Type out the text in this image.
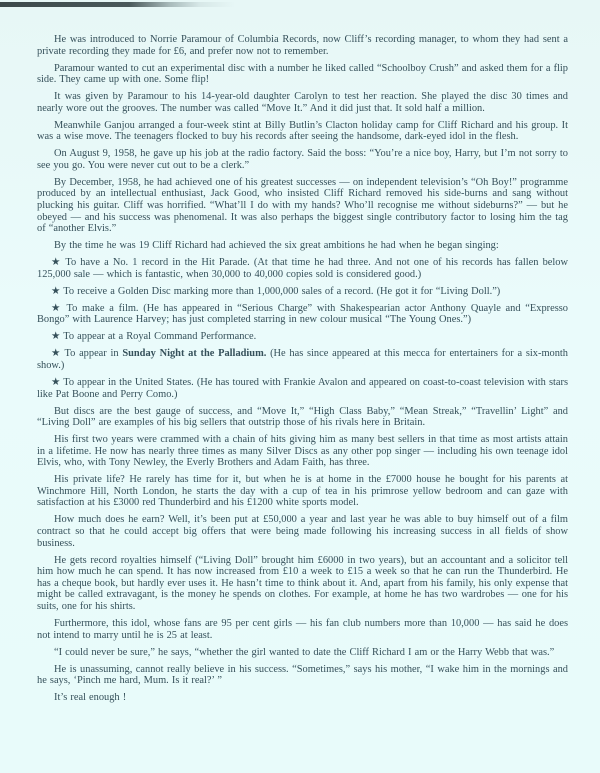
He was introduced to Norrie Paramour of Columbia Records, now Cliff’s recording manager, to whom they had sent a private recording they made for £6, and prefer now not to remember.

Paramour wanted to cut an experimental disc with a number he liked called “Schoolboy Crush” and asked them for a flip side. They came up with one. Some flip!

It was given by Paramour to his 14-year-old daughter Carolyn to test her reaction. She played the disc 30 times and nearly wore out the grooves. The number was called “Move It.” And it did just that. It sold half a million.

Meanwhile Ganjou arranged a four-week stint at Billy Butlin’s Clacton holiday camp for Cliff Richard and his group. It was a wise move. The teenagers flocked to buy his records after seeing the handsome, dark-eyed idol in the flesh.

On August 9, 1958, he gave up his job at the radio factory. Said the boss: “You’re a nice boy, Harry, but I’m not sorry to see you go. You were never cut out to be a clerk.”

By December, 1958, he had achieved one of his greatest successes — on independent television’s “Oh Boy!” programme produced by an intellectual enthusiast, Jack Good, who insisted Cliff Richard removed his side-burns and sang without plucking his guitar. Cliff was horrified. “What’ll I do with my hands? Who’ll recognise me without sideburns?” — but he obeyed — and his success was phenomenal. It was also perhaps the biggest single contributory factor to losing him the tag of “another Elvis.”

By the time he was 19 Cliff Richard had achieved the six great ambitions he had when he began singing:

★ To have a No. 1 record in the Hit Parade. (At that time he had three. And not one of his records has fallen below 125,000 sale — which is fantastic, when 30,000 to 40,000 copies sold is considered good.)

★ To receive a Golden Disc marking more than 1,000,000 sales of a record. (He got it for “Living Doll.”)

★ To make a film. (He has appeared in “Serious Charge” with Shakespearian actor Anthony Quayle and “Expresso Bongo” with Laurence Harvey; has just completed starring in new colour musical “The Young Ones.”)

★ To appear at a Royal Command Performance.

★ To appear in Sunday Night at the Palladium. (He has since appeared at this mecca for entertainers for a six-month show.)

★ To appear in the United States. (He has toured with Frankie Avalon and appeared on coast-to-coast television with stars like Pat Boone and Perry Como.)

But discs are the best gauge of success, and “Move It,” “High Class Baby,” “Mean Streak,” “Travellin’ Light” and “Living Doll” are examples of his big sellers that outstrip those of his rivals here in Britain.

His first two years were crammed with a chain of hits giving him as many best sellers in that time as most artists attain in a lifetime. He now has nearly three times as many Silver Discs as any other pop singer — including his own teenage idol Elvis, who, with Tony Newley, the Everly Brothers and Adam Faith, has three.

His private life? He rarely has time for it, but when he is at home in the £7000 house he bought for his parents at Winchmore Hill, North London, he starts the day with a cup of tea in his primrose yellow bedroom and can gaze with satisfaction at his £3000 red Thunderbird and his £1200 white sports model.

How much does he earn? Well, it’s been put at £50,000 a year and last year he was able to buy himself out of a film contract so that he could accept big offers that were being made following his increasing success in all fields of show business.

He gets record royalties himself (“Living Doll” brought him £6000 in two years), but an accountant and a solicitor tell him how much he can spend. It has now increased from £10 a week to £15 a week so that he can run the Thunderbird. He has a cheque book, but hardly ever uses it. He hasn’t time to think about it. And, apart from his family, his only expense that might be called extravagant, is the money he spends on clothes. For example, at home he has two wardrobes — one for his suits, one for his shirts.

Furthermore, this idol, whose fans are 95 per cent girls — his fan club numbers more than 10,000 — has said he does not intend to marry until he is 25 at least.

“I could never be sure,” he says, “whether the girl wanted to date the Cliff Richard I am or the Harry Webb that was.”

He is unassuming, cannot really believe in his success. “Sometimes,” says his mother, “I wake him in the mornings and he says, ‘Pinch me hard, Mum. Is it real?’ ”

It’s real enough !
